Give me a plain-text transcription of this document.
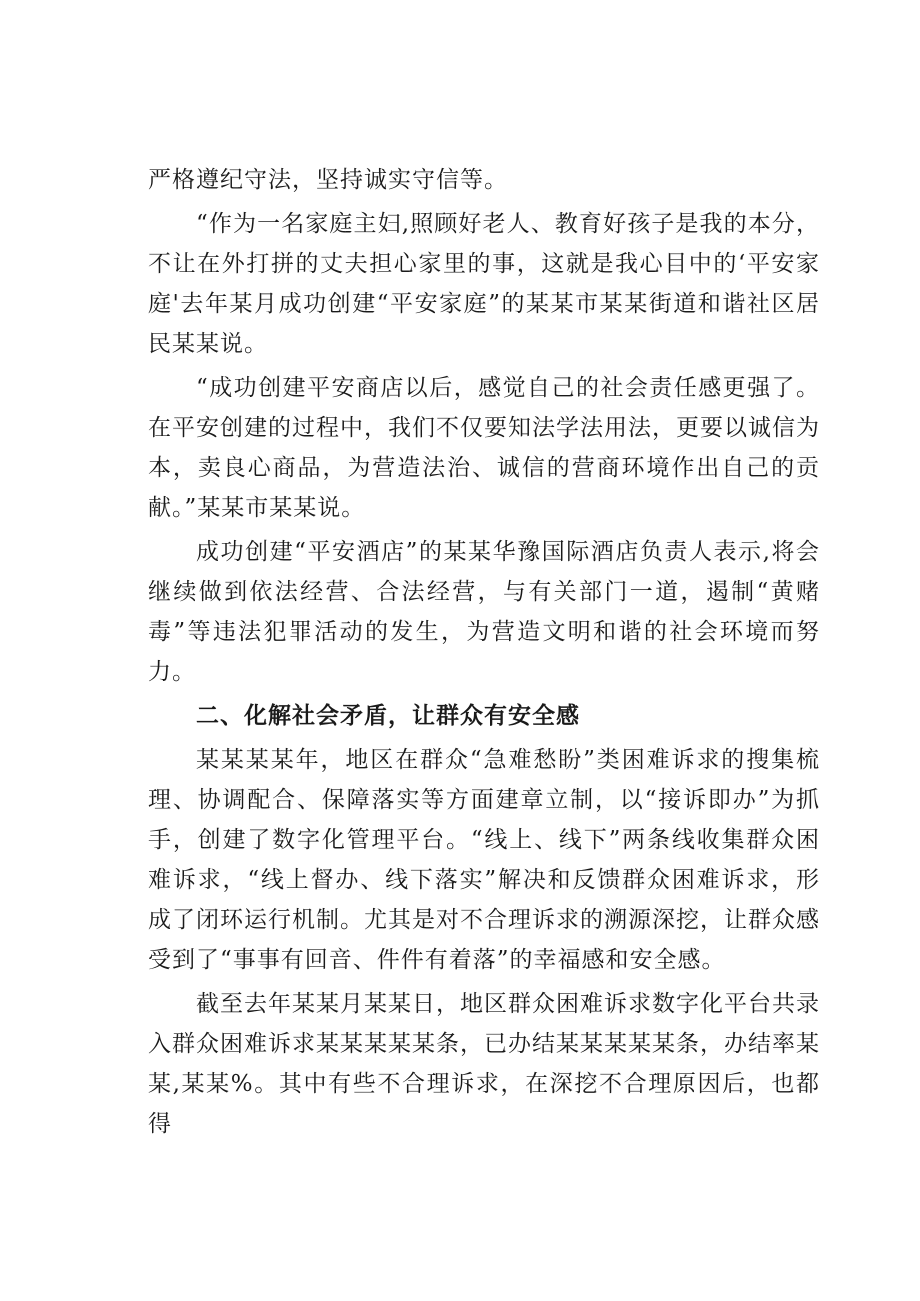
严格遵纪守法，坚持诚实守信等。

“作为一名家庭主妇,照顾好老人、教育好孩子是我的本分，不让在外打拼的丈夫担心家里的事，这就是我心目中的‘平安家庭'去年某月成功创建“平安家庭”的某某市某某街道和谐社区居民某某说。

“成功创建平安商店以后，感觉自己的社会责任感更强了。在平安创建的过程中，我们不仅要知法学法用法，更要以诚信为本，卖良心商品，为营造法治、诚信的营商环境作出自己的贡献。”某某市某某说。

成功创建“平安酒店”的某某华豫国际酒店负责人表示,将会继续做到依法经营、合法经营，与有关部门一道，遏制“黄赌毒”等违法犯罪活动的发生，为营造文明和谐的社会环境而努力。

二、化解社会矛盾，让群众有安全感

某某某某年，地区在群众“急难愁盼”类困难诉求的搜集梳理、协调配合、保障落实等方面建章立制，以“接诉即办”为抓手，创建了数字化管理平台。“线上、线下”两条线收集群众困难诉求，“线上督办、线下落实”解决和反馈群众困难诉求，形成了闭环运行机制。尤其是对不合理诉求的溯源深挖，让群众感受到了“事事有回音、件件有着落”的幸福感和安全感。

截至去年某某月某某日，地区群众困难诉求数字化平台共录入群众困难诉求某某某某某条，已办结某某某某某条，办结率某某,某某%。其中有些不合理诉求，在深挖不合理原因后，也都得
